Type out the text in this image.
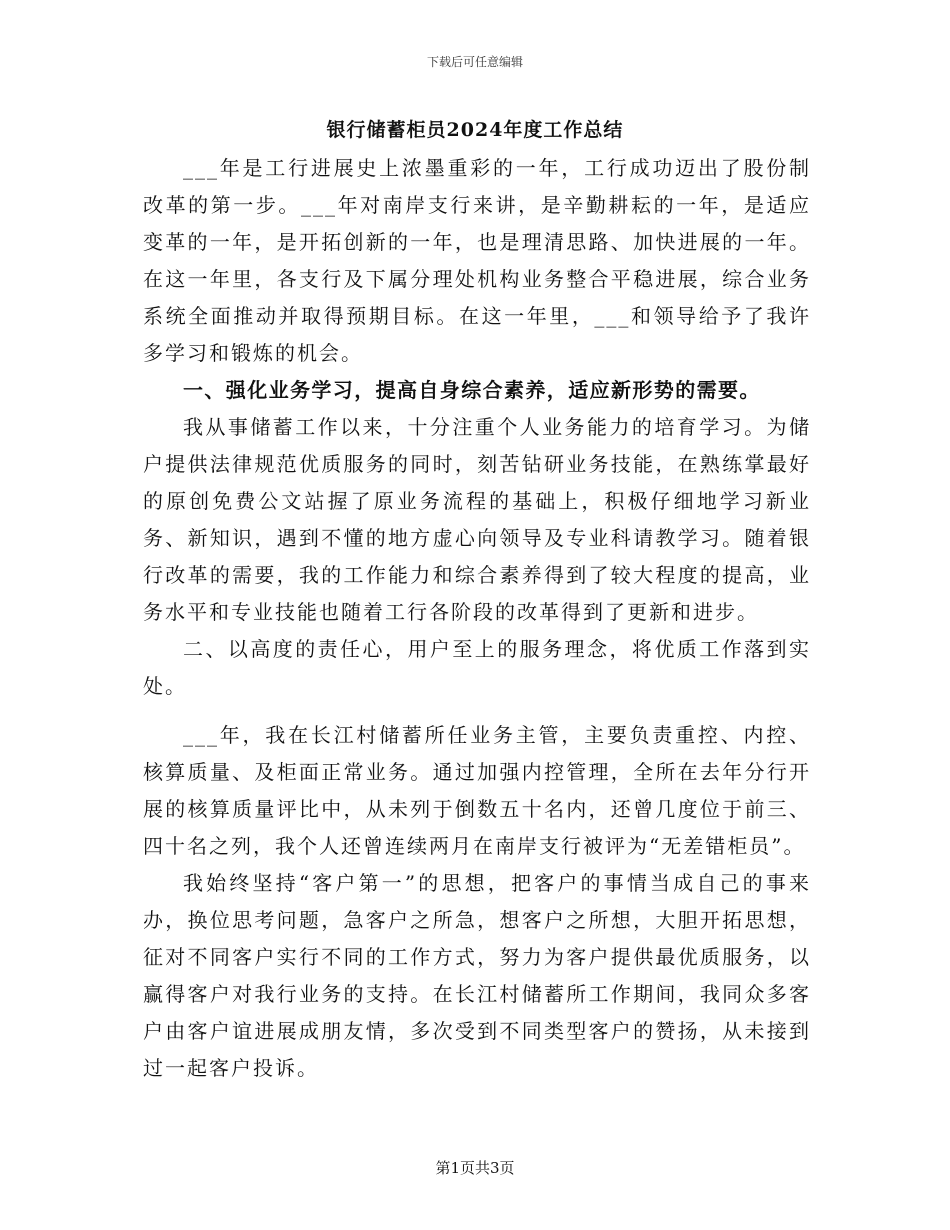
下载后可任意编辑
银行储蓄柜员2024年度工作总结

___年是工行进展史上浓墨重彩的一年，工行成功迈出了股份制改革的第一步。___年对南岸支行来讲，是辛勤耕耘的一年，是适应变革的一年，是开拓创新的一年，也是理清思路、加快进展的一年。在这一年里，各支行及下属分理处机构业务整合平稳进展，综合业务系统全面推动并取得预期目标。在这一年里，___和领导给予了我许多学习和锻炼的机会。

一、强化业务学习，提高自身综合素养，适应新形势的需要。

我从事储蓄工作以来，十分注重个人业务能力的培育学习。为储户提供法律规范优质服务的同时，刻苦钻研业务技能，在熟练掌最好的原创免费公文站握了原业务流程的基础上，积极仔细地学习新业务、新知识，遇到不懂的地方虚心向领导及专业科请教学习。随着银行改革的需要，我的工作能力和综合素养得到了较大程度的提高，业务水平和专业技能也随着工行各阶段的改革得到了更新和进步。

二、以高度的责任心，用户至上的服务理念，将优质工作落到实处。

___年，我在长江村储蓄所任业务主管，主要负责重控、内控、核算质量、及柜面正常业务。通过加强内控管理，全所在去年分行开展的核算质量评比中，从未列于倒数五十名内，还曾几度位于前三、四十名之列，我个人还曾连续两月在南岸支行被评为“无差错柜员”。

我始终坚持“客户第一”的思想，把客户的事情当成自己的事来办，换位思考问题，急客户之所急，想客户之所想，大胆开拓思想，征对不同客户实行不同的工作方式，努力为客户提供最优质服务，以赢得客户对我行业务的支持。在长江村储蓄所工作期间，我同众多客户由客户谊进展成朋友情，多次受到不同类型客户的赞扬，从未接到过一起客户投诉。

第1页共3页
